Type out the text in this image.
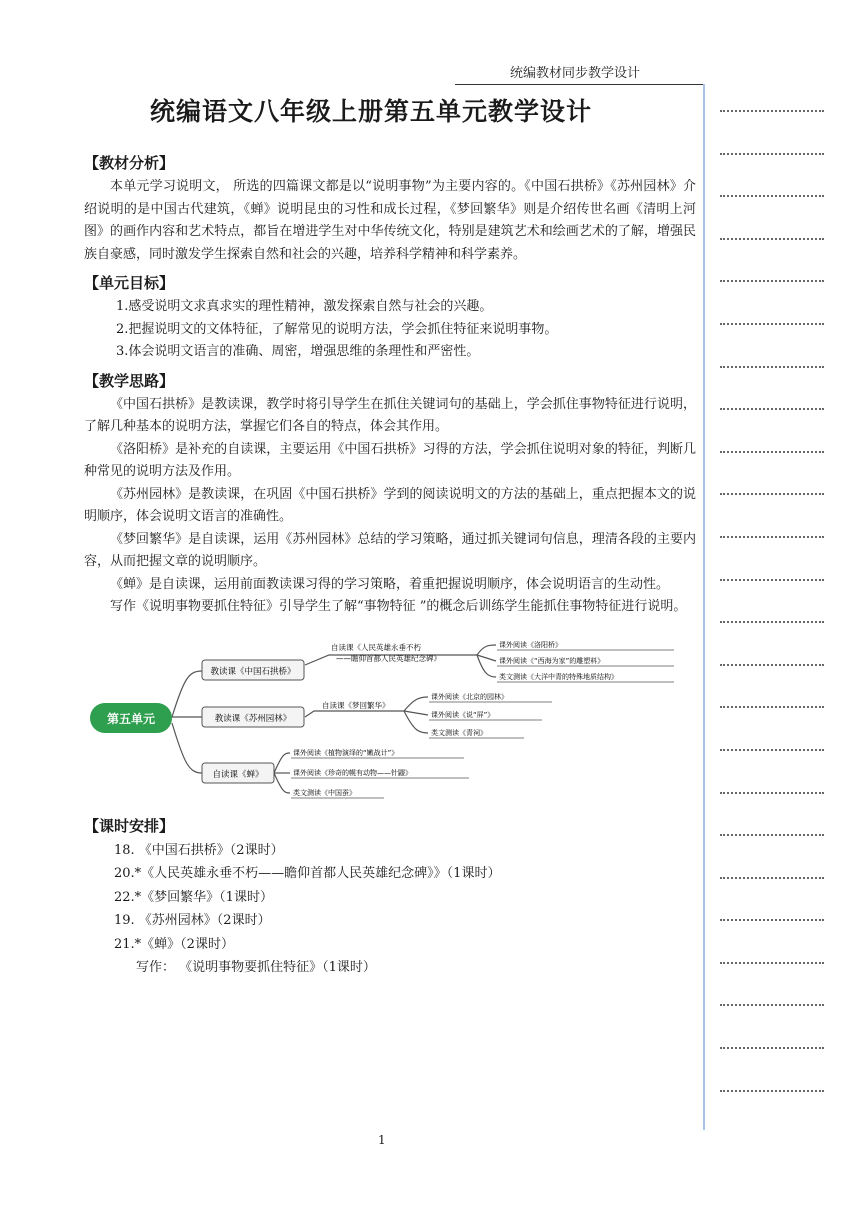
统编教材同步教学设计
统编语文八年级上册第五单元教学设计
【教材分析】

本单元学习说明文， 所选的四篇课文都是以“说明事物”为主要内容的。《中国石拱桥》《苏州园林》介绍说明的是中国古代建筑，《蝉》说明昆虫的习性和成长过程，《梦回繁华》则是介绍传世名画《清明上河图》的画作内容和艺术特点，都旨在增进学生对中华传统文化，特别是建筑艺术和绘画艺术的了解，增强民族自豪感，同时激发学生探索自然和社会的兴趣，培养科学精神和科学素养。

【单元目标】

1.感受说明文求真求实的理性精神，激发探索自然与社会的兴趣。

2.把握说明文的文体特征，了解常见的说明方法，学会抓住特征来说明事物。

3.体会说明文语言的准确、周密，增强思维的条理性和严密性。

【教学思路】

《中国石拱桥》是教读课，教学时将引导学生在抓住关键词句的基础上，学会抓住事物特征进行说明，了解几种基本的说明方法，掌握它们各自的特点，体会其作用。

《洛阳桥》是补充的自读课，主要运用《中国石拱桥》习得的方法，学会抓住说明对象的特征，判断几种常见的说明方法及作用。

《苏州园林》是教读课，在巩固《中国石拱桥》学到的阅读说明文的方法的基础上，重点把握本文的说明顺序，体会说明文语言的准确性。

《梦回繁华》是自读课，运用《苏州园林》总结的学习策略，通过抓关键词句信息，理清各段的主要内容，从而把握文章的说明顺序。

《蝉》是自读课，运用前面教读课习得的学习策略，着重把握说明顺序，体会说明语言的生动性。

写作《说明事物要抓住特征》引导学生了解“事物特征 ”的概念后训练学生能抓住事物特征进行说明。

第五单元
教读课《中国石拱桥》
自读课《人民英雄永垂不朽
——瞻仰首都人民英雄纪念碑》
课外阅读《洛阳桥》
课外阅读《“西海为家”的雕塑料》
类文测读《大洋中青的特殊地质结构》
教读课《苏州园林》
自读课《梦回繁华》
课外阅读《北京的园林》
课外阅读《说“屏”》
类文测读《青祠》
自读课《蝉》
课外阅读《植物演绎的“嫩战计”》
课外阅读《珍奇的幌有动物——针鼹》
类文测读《中国蚕》
【课时安排】

18. 《中国石拱桥》（2课时）

20.*《人民英雄永垂不朽——瞻仰首都人民英雄纪念碑》》（1课时）

22.*《梦回繁华》（1课时）

19. 《苏州园林》（2课时）

21.*《蝉》（2课时）

写作： 《说明事物要抓住特征》（1课时）

1
